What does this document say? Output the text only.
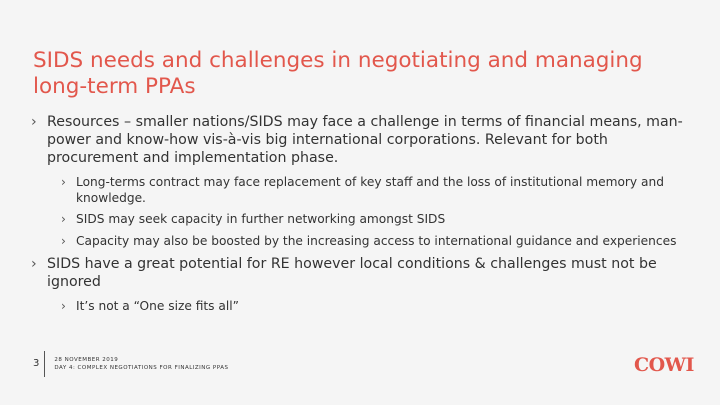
SIDS needs and challenges in negotiating and managing long-term PPAs
› Resources – smaller nations/SIDS may face a challenge in terms of financial means, man-power and know-how vis-à-vis big international corporations. Relevant for both procurement and implementation phase.
› Long-terms contract may face replacement of key staff and the loss of institutional memory and knowledge.
› SIDS may seek capacity in further networking amongst SIDS
› Capacity may also be boosted by the increasing access to international guidance and experiences
› SIDS have a great potential for RE however local conditions & challenges must not be ignored
› It’s not a “One size fits all”
3	28 NOVEMBER 2019
DAY 4: COMPLEX NEGOTIATIONS FOR FINALIZING PPAS	COWI
